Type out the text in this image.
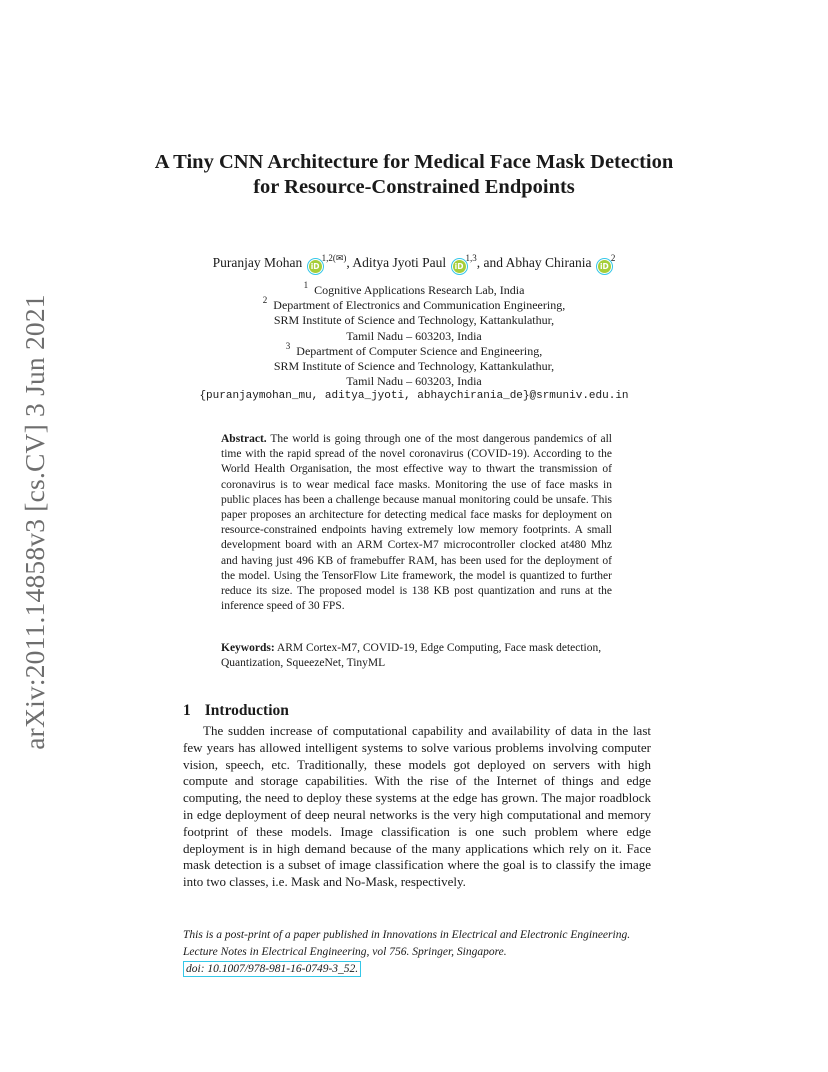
arXiv:2011.14858v3 [cs.CV] 3 Jun 2021
A Tiny CNN Architecture for Medical Face Mask Detection for Resource-Constrained Endpoints
Puranjay Mohan $iD^{1,2(✉)}$, Aditya Jyoti Paul iD$^{1,3}$, and Abhay Chirania $iD^2$
$^1$ Cognitive Applications Research Lab, India
$^2$ Department of Electronics and Communication Engineering,
SRM Institute of Science and Technology, Kattankulathur,
Tamil Nadu – 603203, India
$^3$ Department of Computer Science and Engineering,
SRM Institute of Science and Technology, Kattankulathur,
Tamil Nadu – 603203, India
{puranjaymohan_mu, aditya_jyoti, abhaychirania_de}@srmuniv.edu.in
Abstract. The world is going through one of the most dangerous pandemics of all time with the rapid spread of the novel coronavirus (COVID-19). According to the World Health Organisation, the most effective way to thwart the transmission of coronavirus is to wear medical face masks. Monitoring the use of face masks in public places has been a challenge because manual monitoring could be unsafe. This paper proposes an architecture for detecting medical face masks for deployment on resource-constrained endpoints having extremely low memory footprints. A small development board with an ARM Cortex-M7 microcontroller clocked at480 Mhz and having just 496 KB of framebuffer RAM, has been used for the deployment of the model. Using the TensorFlow Lite framework, the model is quantized to further reduce its size. The proposed model is 138 KB post quantization and runs at the inference speed of 30 FPS.
Keywords: ARM Cortex-M7, COVID-19, Edge Computing, Face mask detection, Quantization, SqueezeNet, TinyML
1 Introduction

The sudden increase of computational capability and availability of data in the last few years has allowed intelligent systems to solve various problems involving computer vision, speech, etc. Traditionally, these models got deployed on servers with high compute and storage capabilities. With the rise of the Internet of things and edge computing, the need to deploy these systems at the edge has grown. The major roadblock in edge deployment of deep neural networks is the very high computational and memory footprint of these models. Image classification is one such problem where edge deployment is in high demand because of the many applications which rely on it. Face mask detection is a subset of image classification where the goal is to classify the image into two classes, i.e. Mask and No-Mask, respectively.

This is a post-print of a paper published in Innovations in Electrical and Electronic Engineering. Lecture Notes in Electrical Engineering, vol 756. Springer, Singapore.
doi: 10.1007/978-981-16-0749-3_52.
